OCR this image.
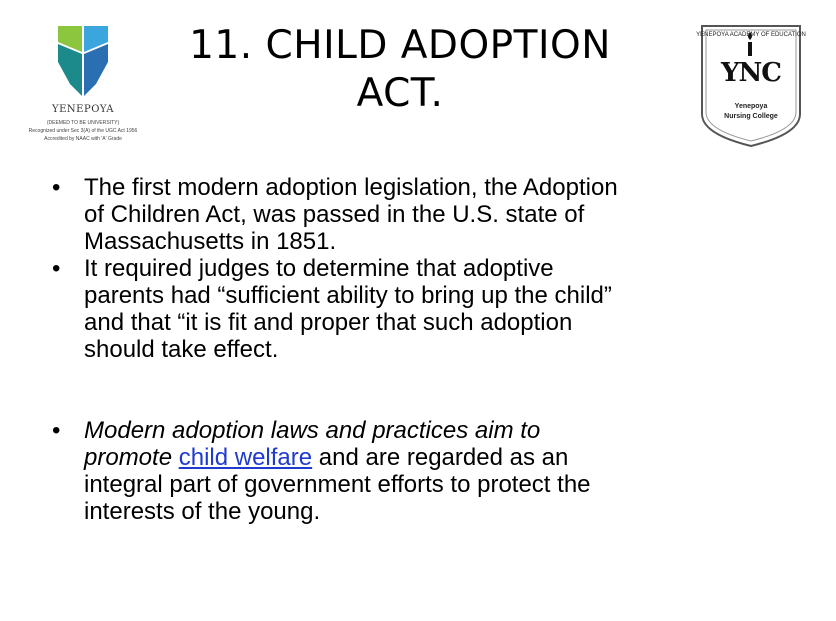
YENEPOYA
(DEEMED TO BE UNIVERSITY)
Recognized under Sec 3(A) of the UGC Act 1956
Accredited by NAAC with 'A' Grade
11. CHILD ADOPTION
ACT.
YENEPOYA ACADEMY OF EDUCATION
YNC
Yenepoya
Nursing College
• The first modern adoption legislation, the Adoption
of Children Act, was passed in the U.S. state of
Massachusetts in 1851.
• It required judges to determine that adoptive
parents had “sufficient ability to bring up the child”
and that “it is fit and proper that such adoption
should take effect.
• Modern adoption laws and practices aim to
promote child welfare and are regarded as an
integral part of government efforts to protect the
interests of the young.
